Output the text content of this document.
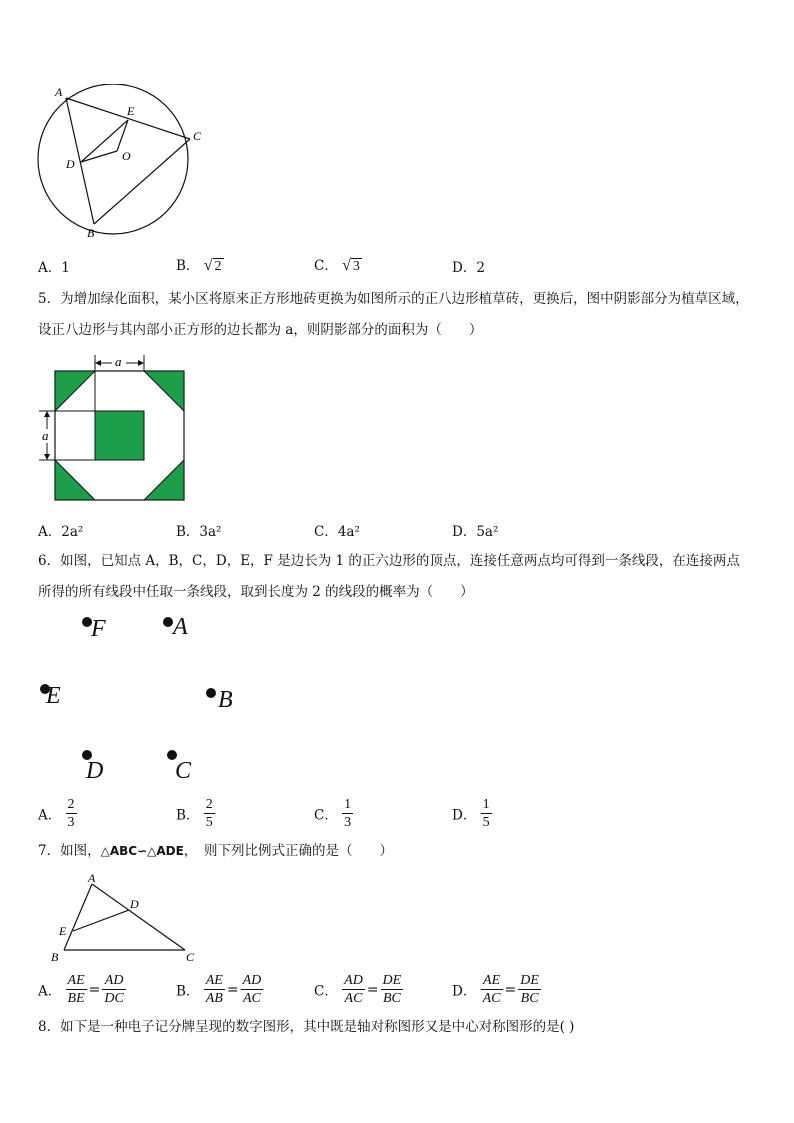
A
E
C
O
D
B
A．1	B． √ 2	C． √ 3	D．2
5．为增加绿化面积，某小区将原来正方形地砖更换为如图所示的正八边形植草砖，更换后，图中阴影部分为植草区域，
设正八边形与其内部小正方形的边长都为 a，则阴影部分的面积为（　　）
a
a
A．2a²	B．3a²	C．4a²	D．5a²
6．如图，已知点 A，B，C，D，E，F 是边长为 1 的正六边形的顶点，连接任意两点均可得到一条线段，在连接两点
所得的所有线段中任取一条线段，取到长度为 2 的线段的概率为（　　）
F	A
E	B
D	C
A． $\frac{2}{3}$	B． $\frac{2}{5}$	C． $\frac{1}{3}$	D． $\frac{1}{5}$
7．如图，△ABC∽△ADE，　则下列比例式正确的是（　　）
A
D
E
B	C
A． $\frac{AE}{BE} = \frac{AD}{DC}$	B． $\frac{AE}{AB} = \frac{AD}{AC}$	C． $\frac{AD}{AC} = \frac{DE}{BC}$	D． $\frac{AE}{AC} = \frac{DE}{BC}$
8．如下是一种电子记分牌呈现的数字图形，其中既是轴对称图形又是中心对称图形的是( )
